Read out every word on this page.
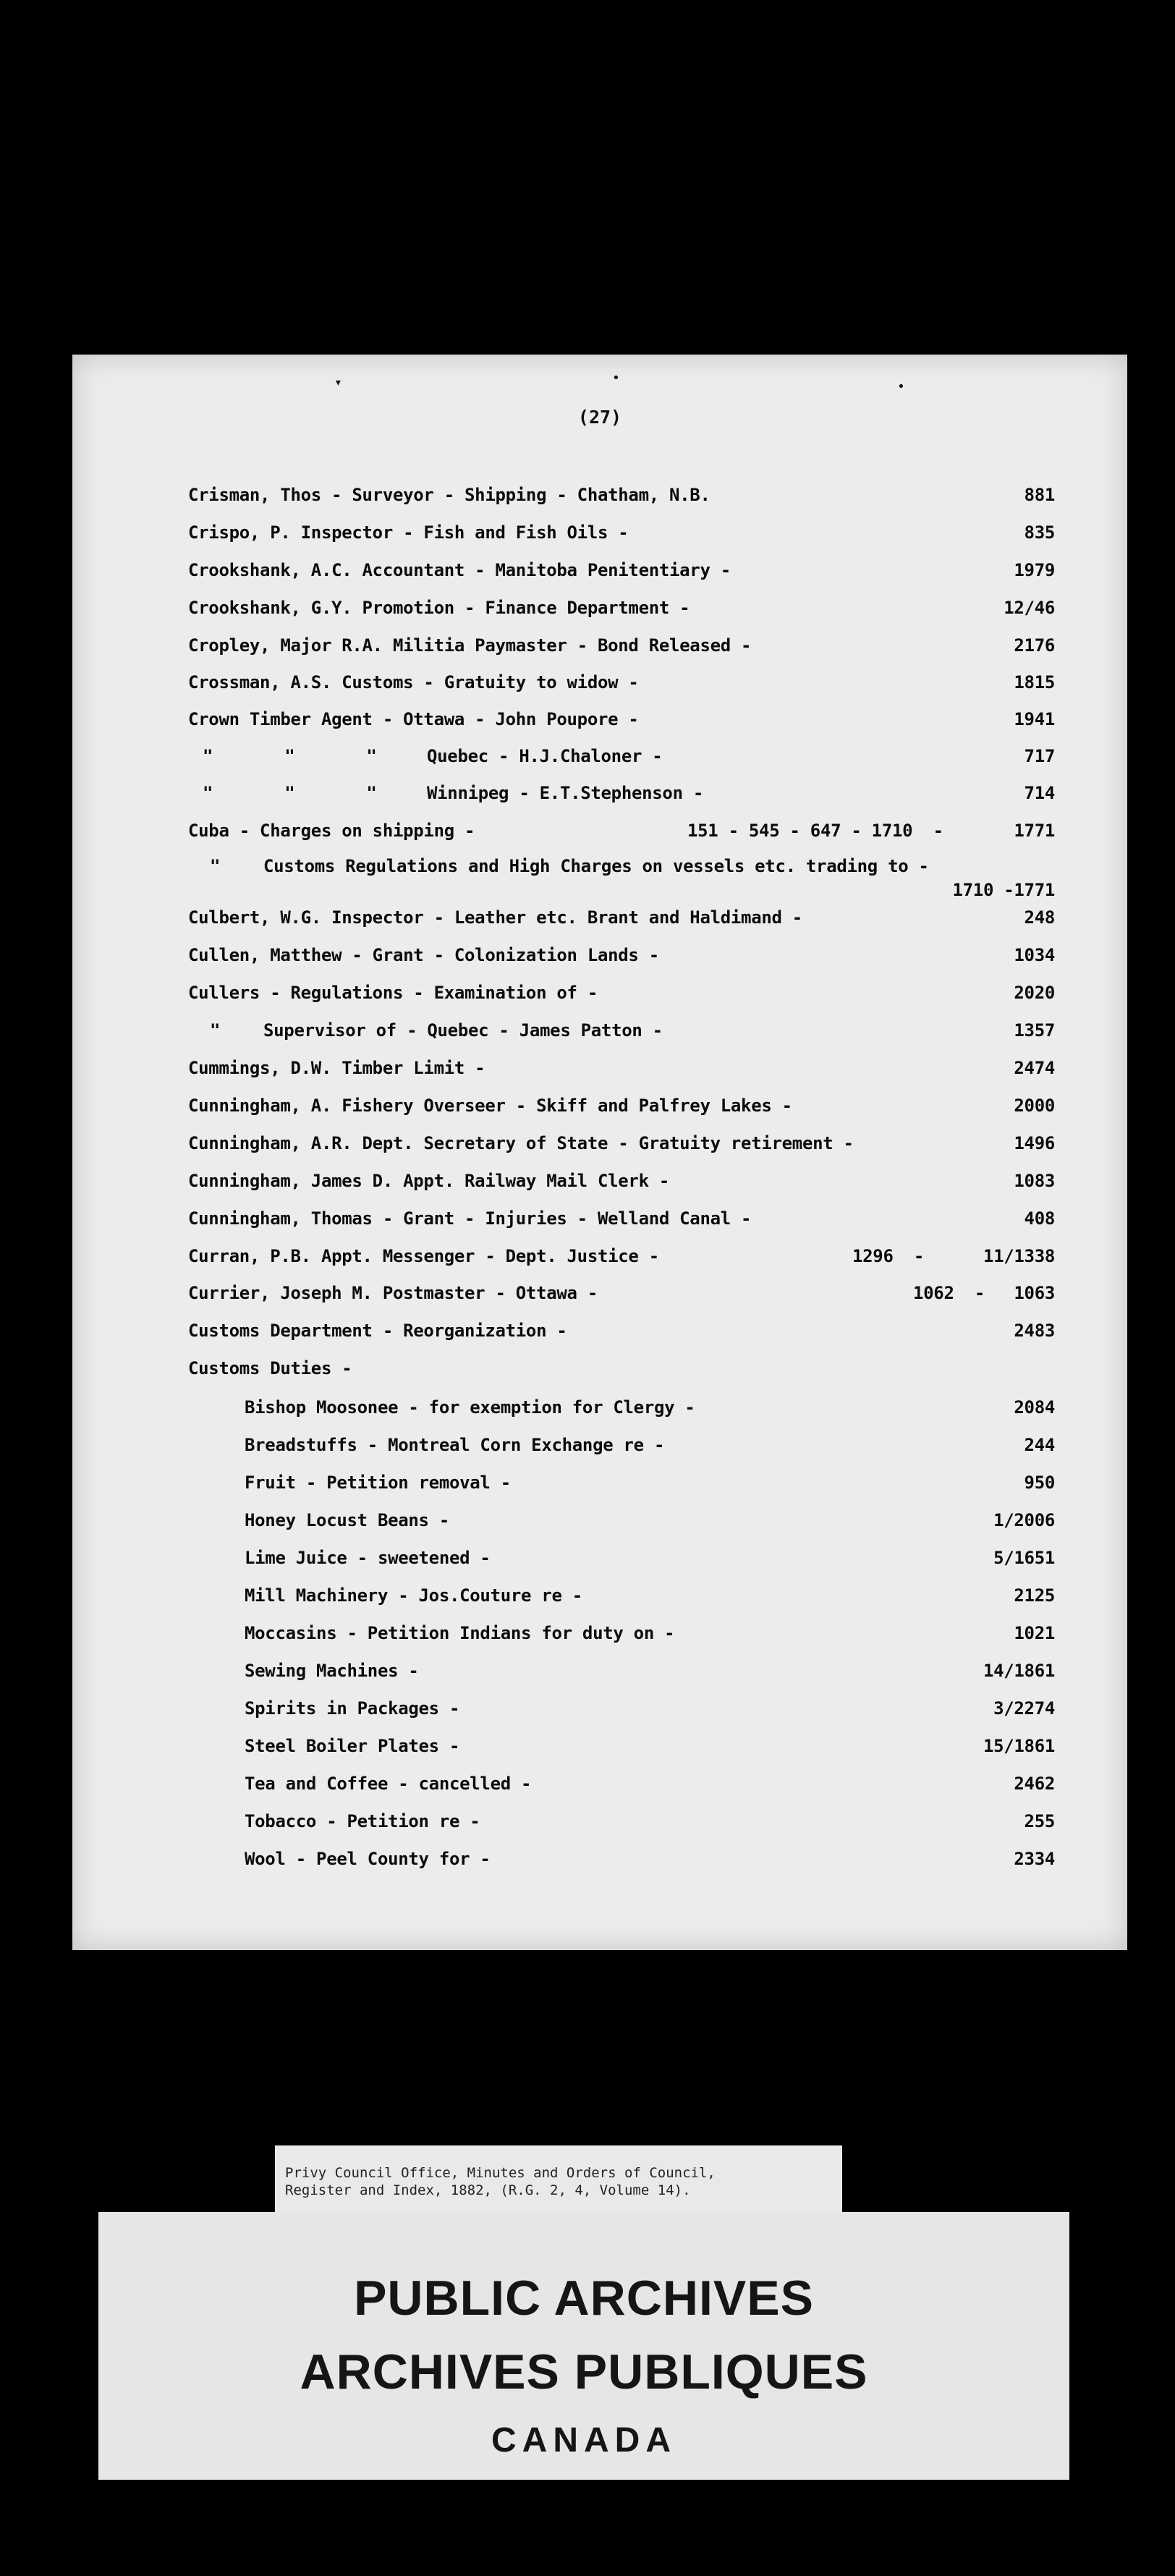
▾	•
•
(27)
Crisman, Thos - Surveyor - Shipping - Chatham, N.B.	881
Crispo, P. Inspector - Fish and Fish Oils -	835
Crookshank, A.C. Accountant - Manitoba Penitentiary -	1979
Crookshank, G.Y. Promotion - Finance Department -	12/46
Cropley, Major R.A. Militia Paymaster - Bond Released -	2176
Crossman, A.S. Customs - Gratuity to widow -	1815
Crown Timber Agent - Ottawa - John Poupore -	1941
"       "       "	Quebec - H.J.Chaloner -	717
"       "       "	Winnipeg - E.T.Stephenson -	714
Cuba - Charges on shipping -	151 - 545 - 647 - 1710  -	1771
" Customs Regulations and High Charges on vessels etc. trading to -
1710 -1771
Culbert, W.G. Inspector - Leather etc. Brant and Haldimand -	248
Cullen, Matthew - Grant - Colonization Lands -	1034
Cullers - Regulations - Examination of -	2020
" Supervisor of - Quebec - James Patton -	1357
Cummings, D.W. Timber Limit -	2474
Cunningham, A. Fishery Overseer - Skiff and Palfrey Lakes -	2000
Cunningham, A.R. Dept. Secretary of State - Gratuity retirement -	1496
Cunningham, James D. Appt. Railway Mail Clerk -	1083
Cunningham, Thomas - Grant - Injuries - Welland Canal -	408
Curran, P.B. Appt. Messenger - Dept. Justice -	1296  -	11/1338
Currier, Joseph M. Postmaster - Ottawa -	1062  - 1063
Customs Department - Reorganization -	2483
Customs Duties -
Bishop Moosonee - for exemption for Clergy -	2084
Breadstuffs - Montreal Corn Exchange re -	244
Fruit - Petition removal -	950
Honey Locust Beans -	1/2006
Lime Juice - sweetened -	5/1651
Mill Machinery - Jos.Couture re -	2125
Moccasins - Petition Indians for duty on -	1021
Sewing Machines -	14/1861
Spirits in Packages -	3/2274
Steel Boiler Plates -	15/1861
Tea and Coffee - cancelled -	2462
Tobacco - Petition re -	255
Wool - Peel County for -	2334
Privy Council Office, Minutes and Orders of Council,
Register and Index, 1882, (R.G. 2, 4, Volume 14).
PUBLIC ARCHIVES
ARCHIVES PUBLIQUES
CANADA
